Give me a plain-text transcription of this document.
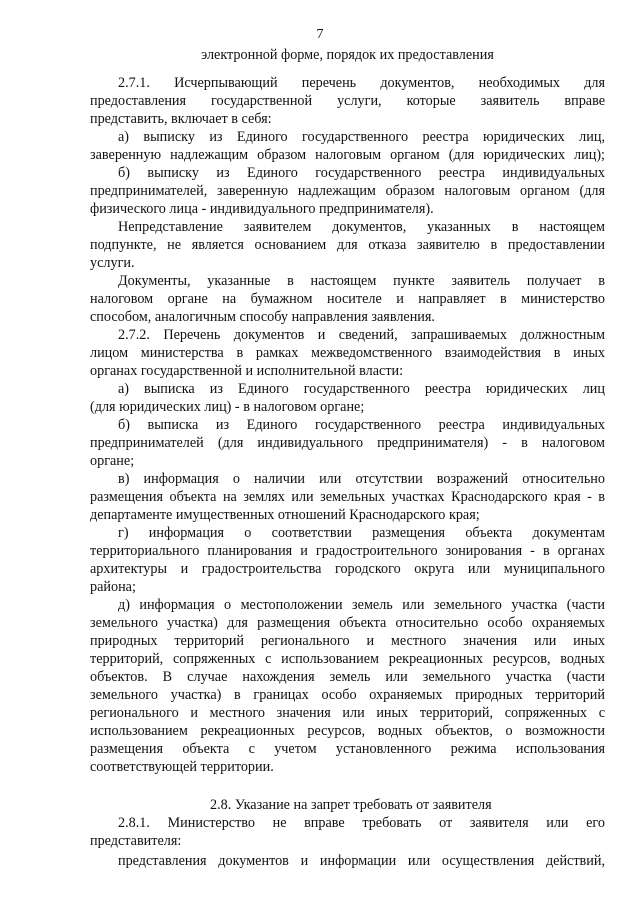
7
электронной форме, порядок их предоставления
2.7.1. Исчерпывающий перечень документов, необходимых для
предоставления государственной услуги, которые заявитель вправе
представить, включает в себя:
а) выписку из Единого государственного реестра юридических лиц,
заверенную надлежащим образом налоговым органом (для юридических лиц);
б) выписку из Единого государственного реестра индивидуальных
предпринимателей, заверенную надлежащим образом налоговым органом (для
физического лица - индивидуального предпринимателя).
Непредставление заявителем документов, указанных в настоящем
подпункте, не является основанием для отказа заявителю в предоставлении
услуги.
Документы, указанные в настоящем пункте заявитель получает в
налоговом органе на бумажном носителе и направляет в министерство
способом, аналогичным способу направления заявления.
2.7.2. Перечень документов и сведений, запрашиваемых должностным
лицом министерства в рамках межведомственного взаимодействия в иных
органах государственной и исполнительной власти:
а) выписка из Единого государственного реестра юридических лиц
(для юридических лиц) - в налоговом органе;
б) выписка из Единого государственного реестра индивидуальных
предпринимателей (для индивидуального предпринимателя) - в налоговом
органе;
в) информация о наличии или отсутствии возражений относительно
размещения объекта на землях или земельных участках Краснодарского края - в
департаменте имущественных отношений Краснодарского края;
г) информация о соответствии размещения объекта документам
территориального планирования и градостроительного зонирования - в органах
архитектуры и градостроительства городского округа или муниципального
района;
д) информация о местоположении земель или земельного участка (части
земельного участка) для размещения объекта относительно особо охраняемых
природных территорий регионального и местного значения или иных
территорий, сопряженных с использованием рекреационных ресурсов, водных
объектов. В случае нахождения земель или земельного участка (части
земельного участка) в границах особо охраняемых природных территорий
регионального и местного значения или иных территорий, сопряженных с
использованием рекреационных ресурсов, водных объектов, о возможности
размещения объекта с учетом установленного режима использования
соответствующей территории.
2.8. Указание на запрет требовать от заявителя
2.8.1. Министерство не вправе требовать от заявителя или его
представителя:
представления документов и информации или осуществления действий,
